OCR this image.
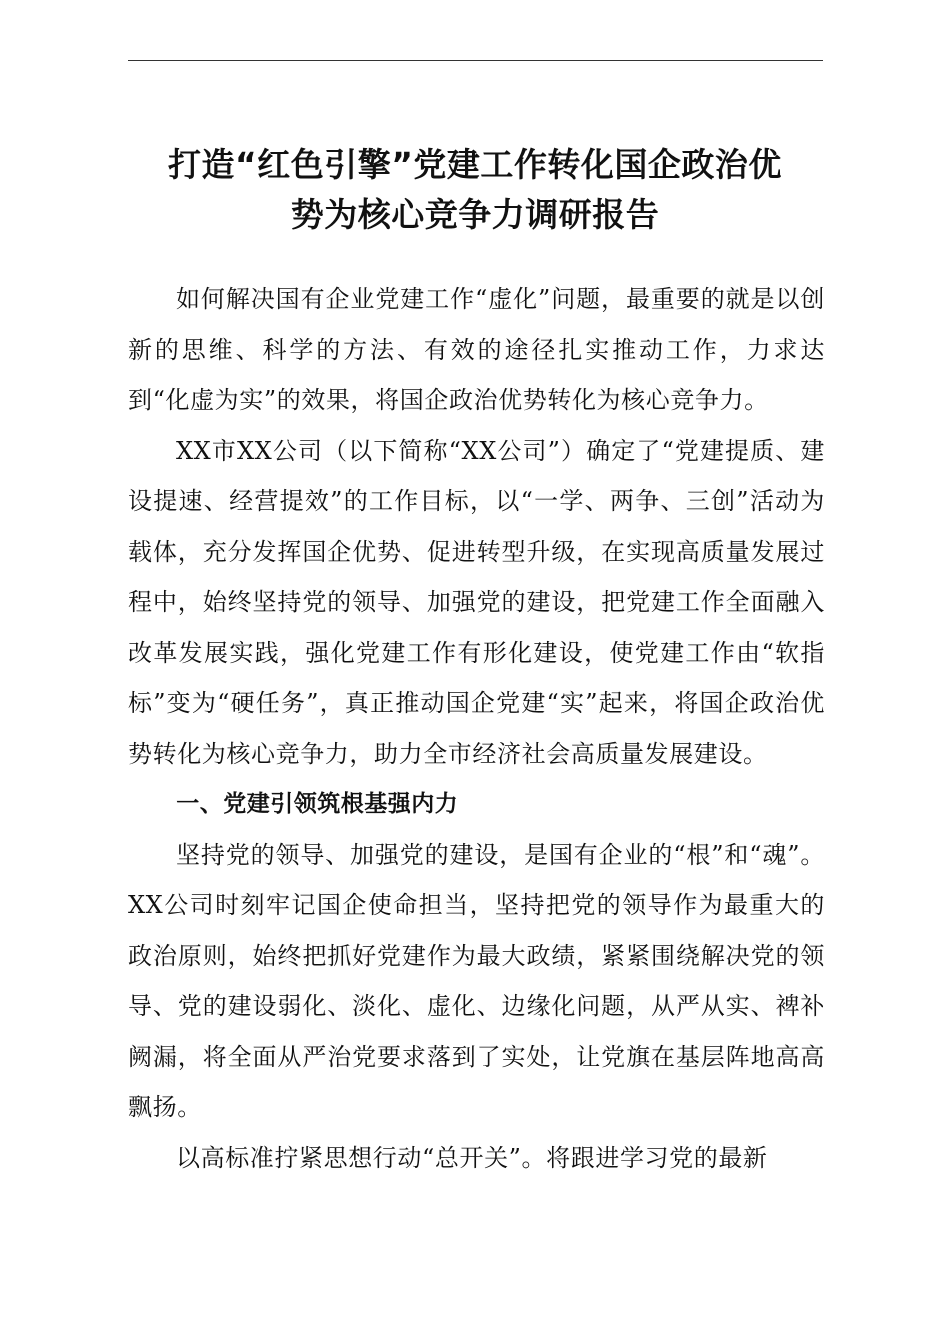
打造“红色引擎”党建工作转化国企政治优
势为核心竞争力调研报告

如何解决国有企业党建工作“虚化”问题，最重要的就是以创新的思维、科学的方法、有效的途径扎实推动工作，力求达到“化虚为实”的效果，将国企政治优势转化为核心竞争力。

XX市XX公司（以下简称“XX公司”）确定了“党建提质、建设提速、经营提效”的工作目标，以“一学、两争、三创”活动为载体，充分发挥国企优势、促进转型升级，在实现高质量发展过程中，始终坚持党的领导、加强党的建设，把党建工作全面融入改革发展实践，强化党建工作有形化建设，使党建工作由“软指标”变为“硬任务”，真正推动国企党建“实”起来，将国企政治优势转化为核心竞争力，助力全市经济社会高质量发展建设。

一、党建引领筑根基强内力

坚持党的领导、加强党的建设，是国有企业的“根”和“魂”。XX公司时刻牢记国企使命担当，坚持把党的领导作为最重大的政治原则，始终把抓好党建作为最大政绩，紧紧围绕解决党的领导、党的建设弱化、淡化、虚化、边缘化问题，从严从实、裨补阙漏，将全面从严治党要求落到了实处，让党旗在基层阵地高高飘扬。

以高标准拧紧思想行动“总开关”。将跟进学习党的最新
